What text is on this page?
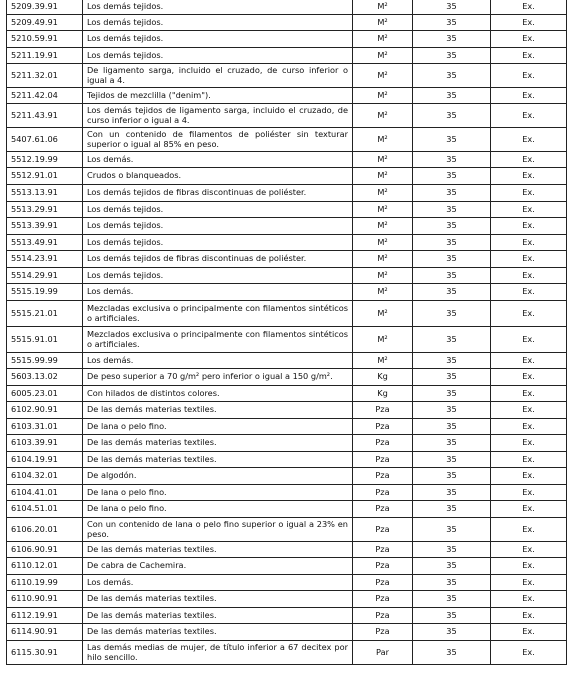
5209.39.91	Los demás tejidos.	M²	35	Ex.
5209.49.91	Los demás tejidos.	M²	35	Ex.
5210.59.91	Los demás tejidos.	M²	35	Ex.
5211.19.91	Los demás tejidos.	M²	35	Ex.
5211.32.01	De ligamento sarga, incluido el cruzado, de curso inferior o igual a 4.	M²	35	Ex.
5211.42.04	Tejidos de mezclilla ("denim").	M²	35	Ex.
5211.43.91	Los demás tejidos de ligamento sarga, incluido el cruzado, de curso inferior o igual a 4.	M²	35	Ex.
5407.61.06	Con un contenido de filamentos de poliéster sin texturar superior o igual al 85% en peso.	M²	35	Ex.
5512.19.99	Los demás.	M²	35	Ex.
5512.91.01	Crudos o blanqueados.	M²	35	Ex.
5513.13.91	Los demás tejidos de fibras discontinuas de poliéster.	M²	35	Ex.
5513.29.91	Los demás tejidos.	M²	35	Ex.
5513.39.91	Los demás tejidos.	M²	35	Ex.
5513.49.91	Los demás tejidos.	M²	35	Ex.
5514.23.91	Los demás tejidos de fibras discontinuas de poliéster.	M²	35	Ex.
5514.29.91	Los demás tejidos.	M²	35	Ex.
5515.19.99	Los demás.	M²	35	Ex.
5515.21.01	Mezcladas exclusiva o principalmente con filamentos sintéticos o artificiales.	M²	35	Ex.
5515.91.01	Mezclados exclusiva o principalmente con filamentos sintéticos o artificiales.	M²	35	Ex.
5515.99.99	Los demás.	M²	35	Ex.
5603.13.02	De peso superior a 70 g/m² pero inferior o igual a 150 g/m².	Kg	35	Ex.
6005.23.01	Con hilados de distintos colores.	Kg	35	Ex.
6102.90.91	De las demás materias textiles.	Pza	35	Ex.
6103.31.01	De lana o pelo fino.	Pza	35	Ex.
6103.39.91	De las demás materias textiles.	Pza	35	Ex.
6104.19.91	De las demás materias textiles.	Pza	35	Ex.
6104.32.01	De algodón.	Pza	35	Ex.
6104.41.01	De lana o pelo fino.	Pza	35	Ex.
6104.51.01	De lana o pelo fino.	Pza	35	Ex.
6106.20.01	Con un contenido de lana o pelo fino superior o igual a 23% en peso.	Pza	35	Ex.
6106.90.91	De las demás materias textiles.	Pza	35	Ex.
6110.12.01	De cabra de Cachemira.	Pza	35	Ex.
6110.19.99	Los demás.	Pza	35	Ex.
6110.90.91	De las demás materias textiles.	Pza	35	Ex.
6112.19.91	De las demás materias textiles.	Pza	35	Ex.
6114.90.91	De las demás materias textiles.	Pza	35	Ex.
6115.30.91	Las demás medias de mujer, de título inferior a 67 decitex por hilo sencillo.	Par	35	Ex.
